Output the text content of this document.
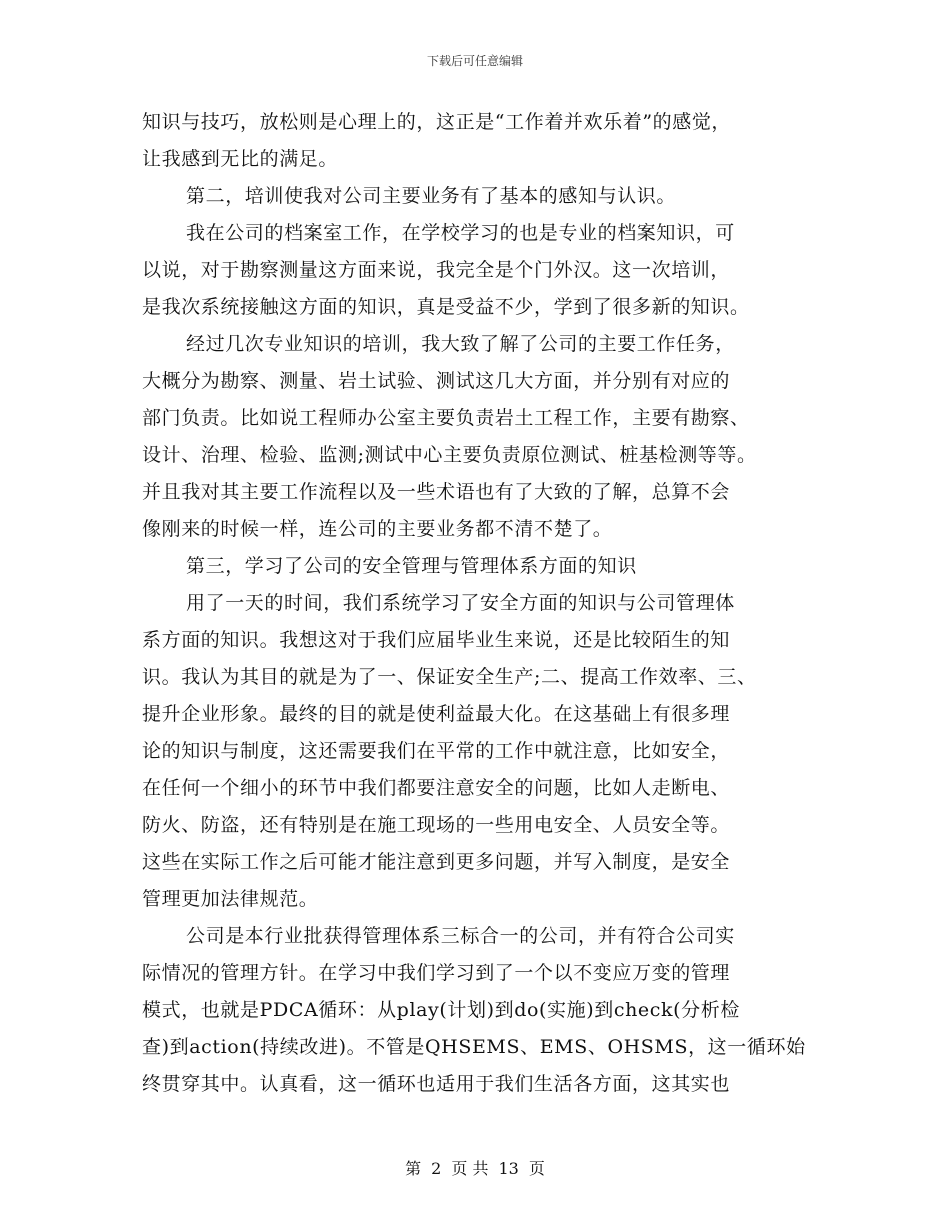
下载后可任意编辑
知识与技巧，放松则是心理上的，这正是“工作着并欢乐着”的感觉，
让我感到无比的满足。
第二，培训使我对公司主要业务有了基本的感知与认识。
我在公司的档案室工作，在学校学习的也是专业的档案知识，可
以说，对于勘察测量这方面来说，我完全是个门外汉。这一次培训，
是我次系统接触这方面的知识，真是受益不少，学到了很多新的知识。
经过几次专业知识的培训，我大致了解了公司的主要工作任务，
大概分为勘察、测量、岩土试验、测试这几大方面，并分别有对应的
部门负责。比如说工程师办公室主要负责岩土工程工作，主要有勘察、
设计、治理、检验、监测;测试中心主要负责原位测试、桩基检测等等。
并且我对其主要工作流程以及一些术语也有了大致的了解，总算不会
像刚来的时候一样，连公司的主要业务都不清不楚了。
第三，学习了公司的安全管理与管理体系方面的知识
用了一天的时间，我们系统学习了安全方面的知识与公司管理体
系方面的知识。我想这对于我们应届毕业生来说，还是比较陌生的知
识。我认为其目的就是为了一、保证安全生产;二、提高工作效率、三、
提升企业形象。最终的目的就是使利益最大化。在这基础上有很多理
论的知识与制度，这还需要我们在平常的工作中就注意，比如安全，
在任何一个细小的环节中我们都要注意安全的问题，比如人走断电、
防火、防盗，还有特别是在施工现场的一些用电安全、人员安全等。
这些在实际工作之后可能才能注意到更多问题，并写入制度，是安全
管理更加法律规范。
公司是本行业批获得管理体系三标合一的公司，并有符合公司实
际情况的管理方针。在学习中我们学习到了一个以不变应万变的管理
模式，也就是PDCA循环：从play(计划)到do(实施)到check(分析检
查)到action(持续改进)。不管是QHSEMS、EMS、OHSMS，这一循环始
终贯穿其中。认真看，这一循环也适用于我们生活各方面，这其实也
第 2 页 共 13 页
